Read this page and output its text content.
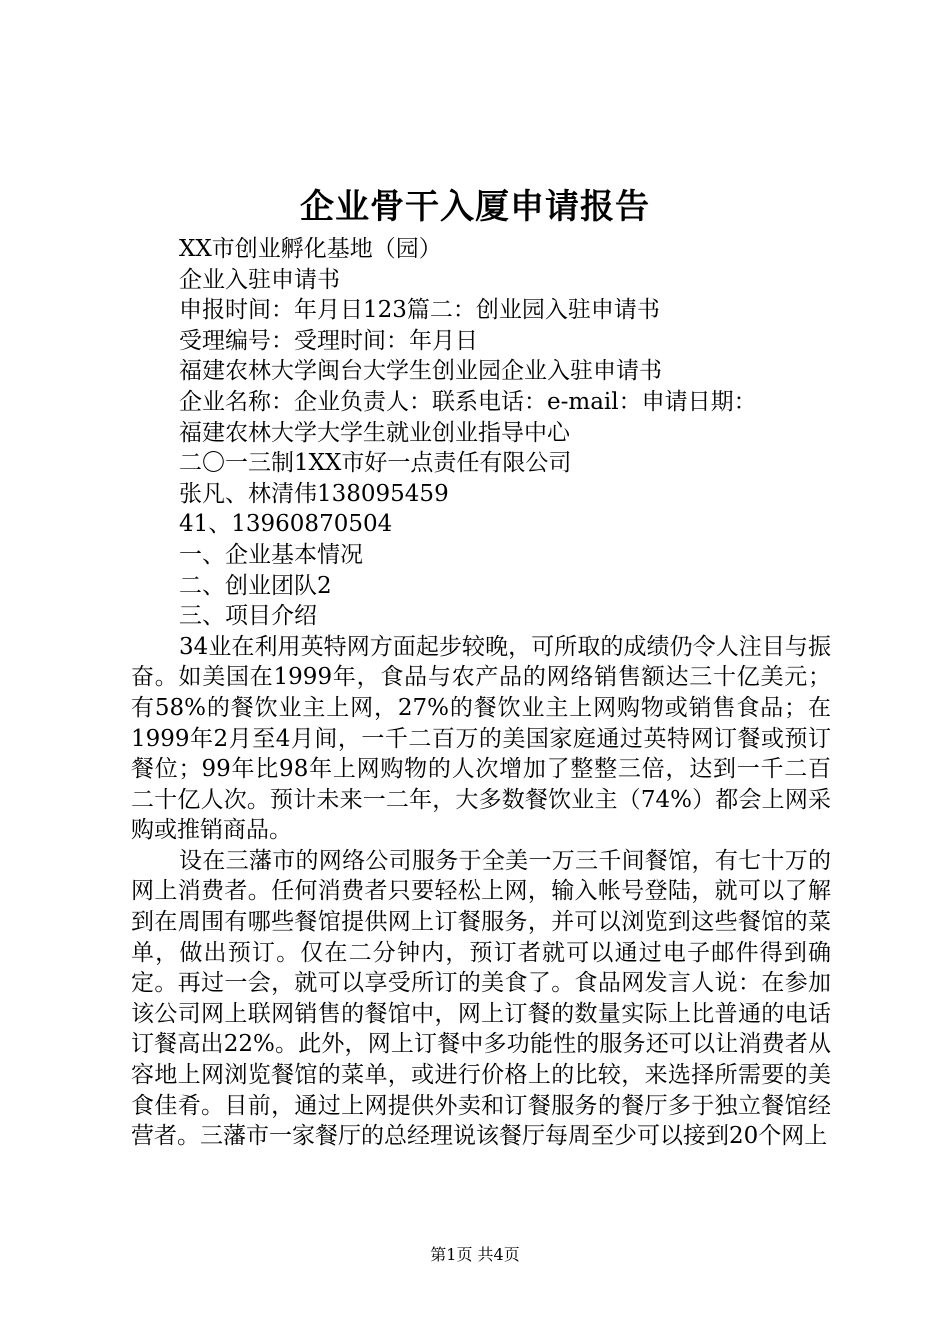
企业骨干入厦申请报告
XX市创业孵化基地（园）
企业入驻申请书
申报时间：年月日123篇二：创业园入驻申请书
受理编号：受理时间：年月日
福建农林大学闽台大学生创业园企业入驻申请书
企业名称：企业负责人：联系电话：e-mail：申请日期：
福建农林大学大学生就业创业指导中心
二〇一三制1XX市好一点责任有限公司
张凡、林清伟138095459
41、13960870504
一、企业基本情况
二、创业团队2
三、项目介绍

34业在利用英特网方面起步较晚，可所取的成绩仍令人注目与振奋。如美国在1999年，食品与农产品的网络销售额达三十亿美元；有58%的餐饮业主上网，27%的餐饮业主上网购物或销售食品；在1999年2月至4月间，一千二百万的美国家庭通过英特网订餐或预订餐位；99年比98年上网购物的人次增加了整整三倍，达到一千二百二十亿人次。预计未来一二年，大多数餐饮业主（74%）都会上网采购或推销商品。

设在三藩市的网络公司服务于全美一万三千间餐馆，有七十万的网上消费者。任何消费者只要轻松上网，输入帐号登陆，就可以了解到在周围有哪些餐馆提供网上订餐服务，并可以浏览到这些餐馆的菜单，做出预订。仅在二分钟内，预订者就可以通过电子邮件得到确定。再过一会，就可以享受所订的美食了。食品网发言人说：在参加该公司网上联网销售的餐馆中，网上订餐的数量实际上比普通的电话订餐高出22%。此外，网上订餐中多功能性的服务还可以让消费者从容地上网浏览餐馆的菜单，或进行价格上的比较，来选择所需要的美食佳肴。目前，通过上网提供外卖和订餐服务的餐厅多于独立餐馆经营者。三藩市一家餐厅的总经理说该餐厅每周至少可以接到20个网上

第1页 共4页
